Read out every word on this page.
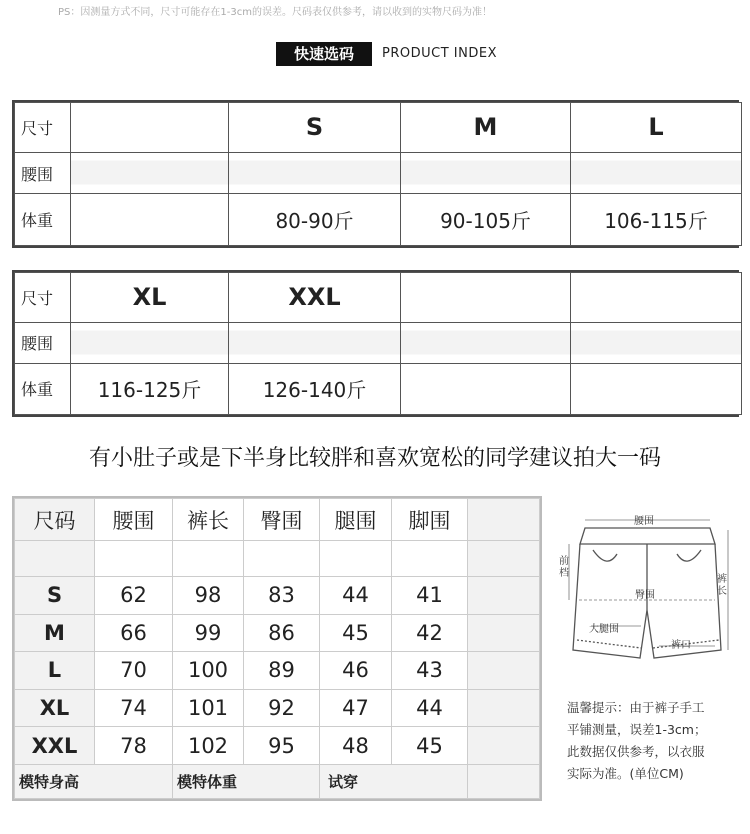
PS：因测量方式不同，尺寸可能存在1-3cm的误差。尺码表仅供参考，请以收到的实物尺码为准！
快速选码	PRODUCT INDEX
尺寸		S	M	L
腰围				
体重		80-90斤	90-105斤	106-115斤
尺寸	XL	XXL		
腰围				
体重	116-125斤	126-140斤		
有小肚子或是下半身比较胖和喜欢宽松的同学建议拍大一码
尺码	腰围	裤长	臀围	腿围	脚围	

S	62	98	83	44	41	
M	66	99	86	45	42	
L	70	100	89	46	43	
XL	74	101	92	47	44	
XXL	78	102	95	48	45	
模特身高		模特体重		试穿		
腰围
前
档
臀围
裤
长
大腿围
裤口
温馨提示：由于裤子手工
平铺测量，误差1-3cm；
此数据仅供参考，以衣服
实际为准。(单位CM)
